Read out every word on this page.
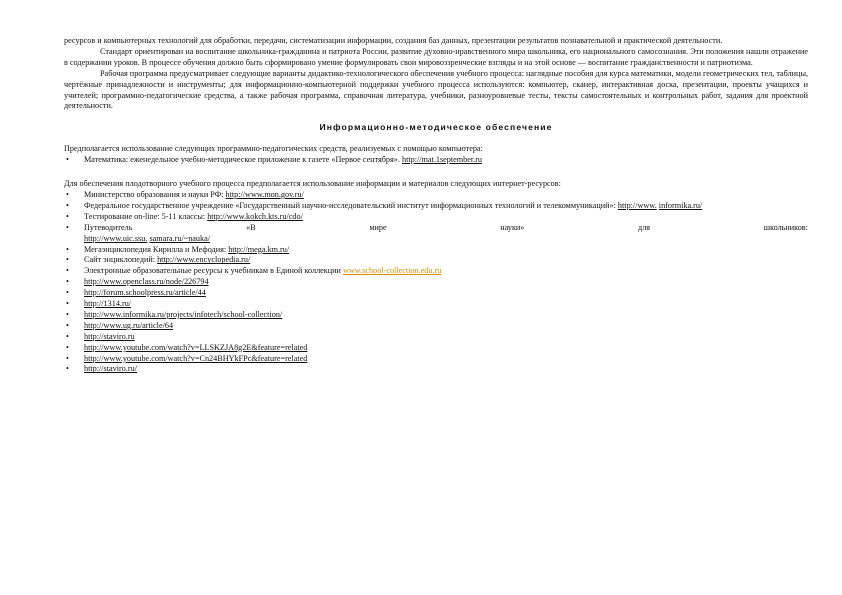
ресурсов и компьютерных технологий для обработки, передачи, систематизации информации, создания баз данных, презентации результатов познавательной и практической деятельности.

Стандарт ориентирован на воспитание школьника-гражданина и патриота России, развитие духовно-нравственного мира школьника, его национального самосознания. Эти положения нашли отражение в содержании уроков. В процессе обучения должно быть сформировано умение формулировать свои мировоззренческие взгляды и на этой основе — воспитание гражданственности и патриотизма.

Рабочая программа предусматривает следующие варианты дидактико-технологического обеспечения учебного процесса: наглядные пособия для курса математики, модели геометрических тел, таблицы, чертёжные принадлежности и инструменты; для информационно-компьютерной поддержки учебного процесса используются: компьютер, сканер, интерактивная доска, презентации, проекты учащихся и учителей; программно-педагогические средства, а также рабочая программа, справочная литература, учебники, разноуровневые тесты, тексты самостоятельных и контрольных работ, задания для проектной деятельности.

Информационно-методическое обеспечение

Предполагается использование следующих программно-педагогических средств, реализуемых с помощью компьютера:

• Математика: еженедельное учебно-методическое приложение к газете «Первое сентября». http://mat.1september.ru

Для обеспечения плодотворного учебного процесса предполагается использование информации и материалов следующих интернет-ресурсов:

• Министерство образования и науки РФ: http://www.mon.gov.ru/
• Федеральное государственное учреждение «Государственный научно-исследовательский институт информационных технологий и телекоммуникаций»: http://www. informika.ru/
• Тестирование on-line: 5-11 классы: http://www.kokch.kts.ru/cdo/
• Путеводитель	«В	мире	науки»	для	школьников:
http://www.uic.ssu. samara.ru/~nauka/
• Мегаэнциклопедия Кирилла и Мефодия: http://mega.km.ru/
• Сайт энциклопедий: http://www.encyclopedia.ru/
• Электронные образовательные ресурсы к учебникам в Единой коллекции www.school-collection.edu.ru
• http://www.openclass.ru/node/226794
• http://forum.schoolpress.ru/article/44
• http://1314.ru/
• http://www.informika.ru/projects/infotech/school-collection/
• http://www.ug.ru/article/64
• http://staviro.ru
• http://www.youtube.com/watch?v=LLSKZJA8g2E&feature=related
• http://www.youtube.com/watch?v=Cn24BHYkFPc&feature=related
• http://staviro.ru/
